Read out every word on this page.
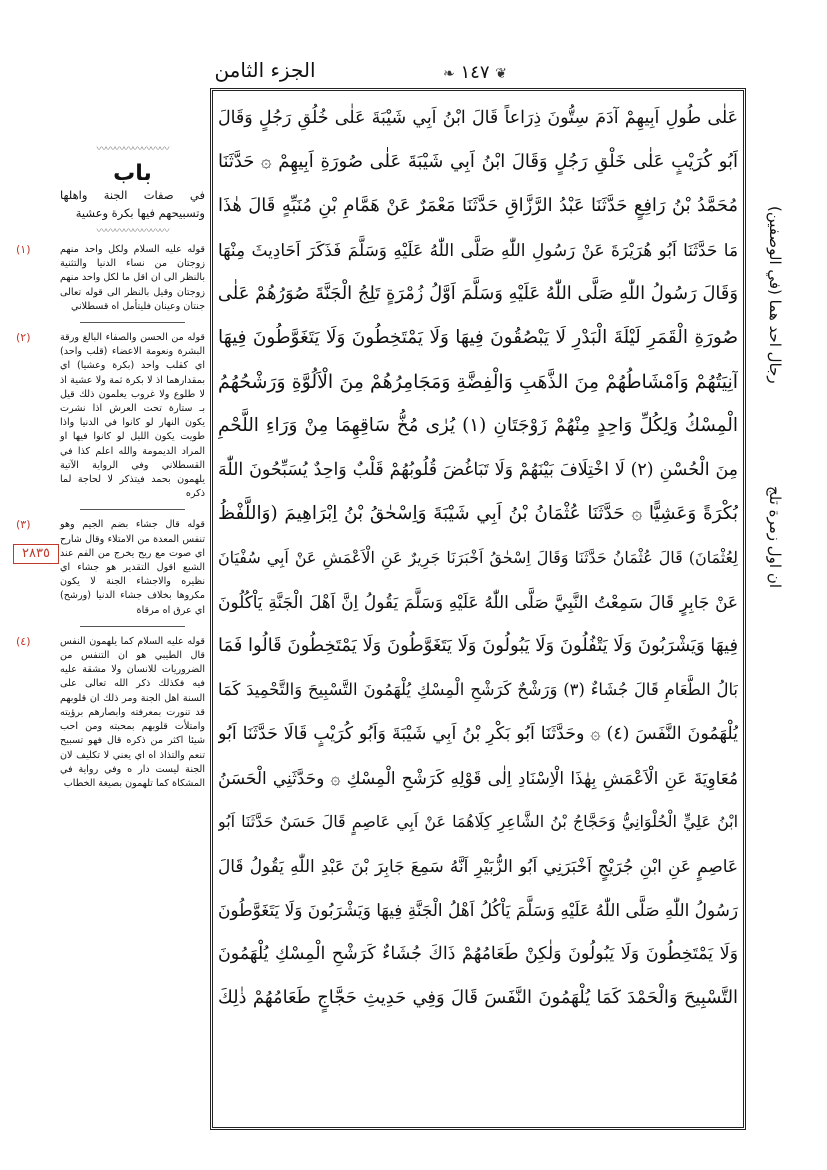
الجزء الثامن	❦ ١٤٧ ❧
عَلٰى طُولِ اَبِيهِمْ آدَمَ سِتُّونَ ذِرَاعاً قَالَ ابْنُ اَبِي شَيْبَةَ عَلٰى خُلُقِ رَجُلٍ وَقَالَ
اَبُو كُرَيْبٍ عَلٰى خَلْقِ رَجُلٍ وَقَالَ ابْنُ اَبِي شَيْبَةَ عَلٰى صُورَةِ اَبِيهِمْ ۞ حَدَّثَنَا
مُحَمَّدُ بْنُ رَافِعٍ حَدَّثَنَا عَبْدُ الرَّزَّاقِ حَدَّثَنَا مَعْمَرٌ عَنْ هَمَّامِ بْنِ مُنَبِّهٍ قَالَ هٰذَا
مَا حَدَّثَنَا اَبُو هُرَيْرَةَ عَنْ رَسُولِ اللّٰهِ صَلَّى اللّٰهُ عَلَيْهِ وَسَلَّمَ فَذَكَرَ اَحَادِيثَ مِنْهَا
وَقَالَ رَسُولُ اللّٰهِ صَلَّى اللّٰهُ عَلَيْهِ وَسَلَّمَ اَوَّلُ زُمْرَةٍ تَلِجُ الْجَنَّةَ صُوَرُهُمْ عَلٰى
صُورَةِ الْقَمَرِ لَيْلَةَ الْبَدْرِ لَا يَبْصُقُونَ فِيهَا وَلَا يَمْتَخِطُونَ وَلَا يَتَغَوَّطُونَ فِيهَا
آنِيَتُهُمْ وَاَمْشَاطُهُمْ مِنَ الذَّهَبِ وَالْفِضَّةِ وَمَجَامِرُهُمْ مِنَ الْاَلُوَّةِ وَرَشْحُهُمُ
الْمِسْكُ وَلِكُلِّ وَاحِدٍ مِنْهُمْ زَوْجَتَانِ (١) يُرٰى مُخُّ سَاقِهِمَا مِنْ وَرَاءِ اللَّحْمِ
مِنَ الْحُسْنِ (٢) لَا اخْتِلَافَ بَيْنَهُمْ وَلَا تَبَاغُضَ قُلُوبُهُمْ قَلْبٌ وَاحِدٌ يُسَبِّحُونَ اللّٰهَ
بُكْرَةً وَعَشِيًّا ۞ حَدَّثَنَا عُثْمَانُ بْنُ اَبِي شَيْبَةَ وَاِسْحٰقُ بْنُ اِبْرَاهِيمَ (وَاللَّفْظُ
لِعُثْمَانَ) قَالَ عُثْمَانُ حَدَّثَنَا وَقَالَ اِسْحٰقُ اَخْبَرَنَا جَرِيرٌ عَنِ الْاَعْمَشِ عَنْ اَبِي سُفْيَانَ
عَنْ جَابِرٍ قَالَ سَمِعْتُ النَّبِيَّ صَلَّى اللّٰهُ عَلَيْهِ وَسَلَّمَ يَقُولُ اِنَّ اَهْلَ الْجَنَّةِ يَاْكُلُونَ
فِيهَا وَيَشْرَبُونَ وَلَا يَتْفُلُونَ وَلَا يَبُولُونَ وَلَا يَتَغَوَّطُونَ وَلَا يَمْتَخِطُونَ قَالُوا فَمَا
بَالُ الطَّعَامِ قَالَ جُشَاءٌ (٣) وَرَشْحٌ كَرَشْحِ الْمِسْكِ يُلْهَمُونَ التَّسْبِيحَ وَالتَّحْمِيدَ كَمَا
يُلْهَمُونَ النَّفَسَ (٤) ۞ وحَدَّثَنَا اَبُو بَكْرِ بْنُ اَبِي شَيْبَةَ وَاَبُو كُرَيْبٍ قَالَا حَدَّثَنَا اَبُو
مُعَاوِيَةَ عَنِ الْاَعْمَشِ بِهٰذَا الْاِسْنَادِ اِلٰى قَوْلِهِ كَرَشْحِ الْمِسْكِ ۞ وحَدَّثَنِي الْحَسَنُ
ابْنُ عَلِيٍّ الْحُلْوَانِيُّ وَحَجَّاجُ بْنُ الشَّاعِرِ كِلَاهُمَا عَنْ اَبِي عَاصِمٍ قَالَ حَسَنٌ حَدَّثَنَا اَبُو
عَاصِمٍ عَنِ ابْنِ جُرَيْجٍ اَخْبَرَنِي اَبُو الزُّبَيْرِ اَنَّهُ سَمِعَ جَابِرَ بْنَ عَبْدِ اللّٰهِ يَقُولُ قَالَ
رَسُولُ اللّٰهِ صَلَّى اللّٰهُ عَلَيْهِ وَسَلَّمَ يَاْكُلُ اَهْلُ الْجَنَّةِ فِيهَا وَيَشْرَبُونَ وَلَا يَتَغَوَّطُونَ
وَلَا يَمْتَخِطُونَ وَلَا يَبُولُونَ وَلٰكِنْ طَعَامُهُمْ ذَاكَ جُشَاءٌ كَرَشْحِ الْمِسْكِ يُلْهَمُونَ
التَّسْبِيحَ وَالْحَمْدَ كَمَا يُلْهَمُونَ النَّفَسَ قَالَ وَفِي حَدِيثِ حَجَّاجٍ طَعَامُهُمْ ذٰلِكَ
رجال احد هما (في الوصفين)
ان اول زمرة تلج
٢٨٣٥
〰〰〰〰〰〰〰〰
باب
في صفات الجنة واهلها وتسبيحهم فيها بكرة وعشية
〰〰〰〰〰〰〰〰
(١)	قوله عليه السلام ولكل واحد منهم زوجتان من نساء الدنيا والتثنية بالنظر الى ان اقل ما لكل واحد منهم زوجتان وقيل بالنظر الى قوله تعالى جنتان وعينان فليتأمل اه قسطلاني
(٢)	قوله من الحسن والصفاء البالغ ورقة البشرة ونعومة الاعضاء (قلب واحد) اي كقلب واحد (بكرة وعشيا) اي بمقدارهما اذ لا بكرة ثمة ولا عشية اذ لا طلوع ولا غروب يعلمون ذلك قيل بـ ستارة تحت العرش اذا نشرت يكون النهار لو كانوا في الدنيا واذا طويت يكون الليل لو كانوا فيها او المراد الديمومة والله اعلم كذا في القسطلاني وفي الرواية الآتية يلهمون بحمد فيتذكر لا لحاجة لما ذكره
(٣)	قوله قال جشاء بضم الجيم وهو تنفس المعدة من الامتلاء وقال شارح اي صوت مع ريح يخرج من الفم عند الشبع اقول التقدير هو جشاء اي نظيره والاجشاء الجنة لا يكون مكروها بخلاف جشاء الدنيا (ورشح) اي عرق اه مرقاة
(٤)	قوله عليه السلام كما يلهمون النفس قال الطيبي هو ان التنفس من الضروريات للانسان ولا مشقة عليه فيه فكذلك ذكر الله تعالى على السنة اهل الجنة ومر ذلك ان قلوبهم قد تنورت بمعرفته وابصارهم برؤيته وامتلأت قلوبهم بمحبته ومن احب شيئا اكثر من ذكره قال فهو تسبيح تنعم والتذاذ اه اي يعني لا تكليف لان الجنة ليست دار ه وفي رواية في المشكاة كما تلهمون بصيغة الخطاب
